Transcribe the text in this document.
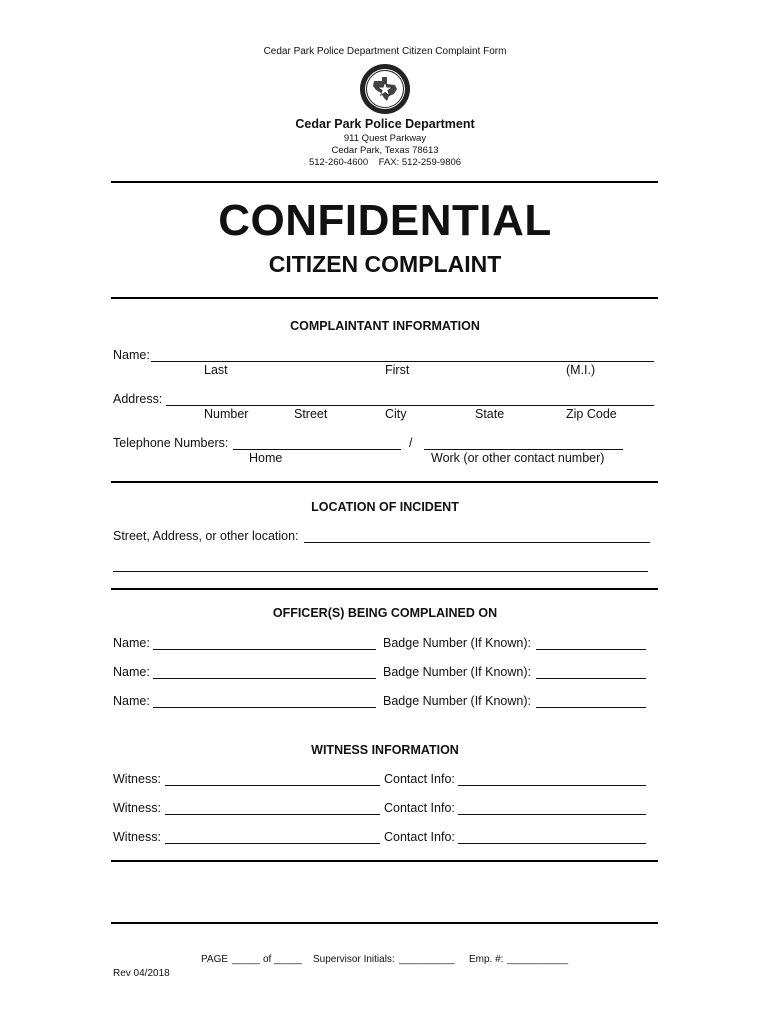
Cedar Park Police Department Citizen Complaint Form
Cedar Park Police Department
911 Quest Parkway
Cedar Park, Texas 78613
512-260-4600    FAX: 512-259-9806
CONFIDENTIAL
CITIZEN COMPLAINT
COMPLAINTANT INFORMATION
Name:
Last	First	(M.I.)
Address:
Number	Street	City	State	Zip Code
Telephone Numbers:	/
Home	Work (or other contact number)
LOCATION OF INCIDENT
Street, Address, or other location:
OFFICER(S) BEING COMPLAINED ON
Name:	Badge Number (If Known):
Name:	Badge Number (If Known):
Name:	Badge Number (If Known):
WITNESS INFORMATION
Witness:	Contact Info:
Witness:	Contact Info:
Witness:	Contact Info:
PAGE _____ of _____ Supervisor Initials: __________ Emp. #: ___________
Rev 04/2018
